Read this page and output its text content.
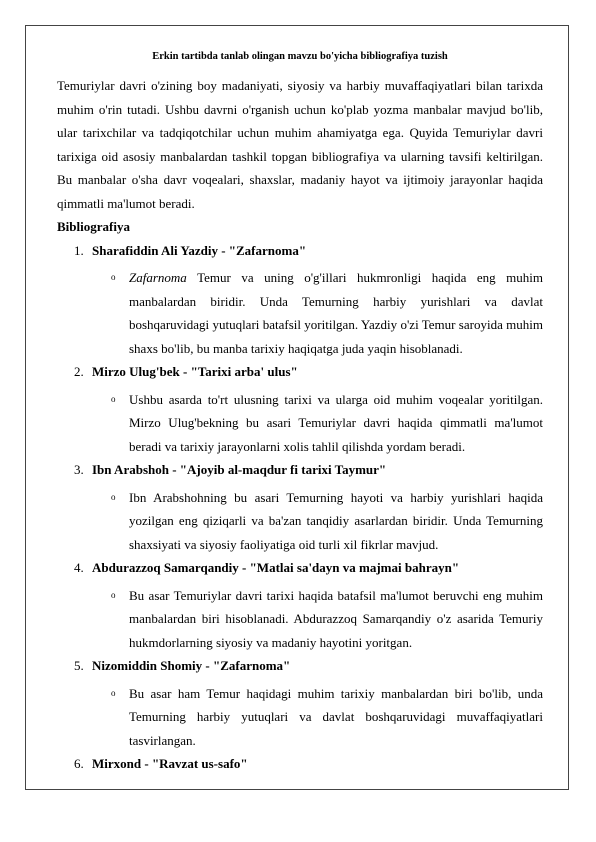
Erkin tartibda tanlab olingan mavzu bo'yicha bibliografiya tuzish

Temuriylar davri o'zining boy madaniyati, siyosiy va harbiy muvaffaqiyatlari bilan tarixda muhim o'rin tutadi. Ushbu davrni o'rganish uchun ko'plab yozma manbalar mavjud bo'lib, ular tarixchilar va tadqiqotchilar uchun muhim ahamiyatga ega. Quyida Temuriylar davri tarixiga oid asosiy manbalardan tashkil topgan bibliografiya va ularning tavsifi keltirilgan. Bu manbalar o'sha davr voqealari, shaxslar, madaniy hayot va ijtimoiy jarayonlar haqida qimmatli ma'lumot beradi.

Bibliografiya
1. Sharafiddin Ali Yazdiy - "Zafarnoma"
o Zafarnoma Temur va uning o'g'illari hukmronligi haqida eng muhim manbalardan biridir. Unda Temurning harbiy yurishlari va davlat boshqaruvidagi yutuqlari batafsil yoritilgan. Yazdiy o'zi Temur saroyida muhim shaxs bo'lib, bu manba tarixiy haqiqatga juda yaqin hisoblanadi.
2. Mirzo Ulug'bek - "Tarixi arba' ulus"
o Ushbu asarda to'rt ulusning tarixi va ularga oid muhim voqealar yoritilgan. Mirzo Ulug'bekning bu asari Temuriylar davri haqida qimmatli ma'lumot beradi va tarixiy jarayonlarni xolis tahlil qilishda yordam beradi.
3. Ibn Arabshoh - "Ajoyib al-maqdur fi tarixi Taymur"
o Ibn Arabshohning bu asari Temurning hayoti va harbiy yurishlari haqida yozilgan eng qiziqarli va ba'zan tanqidiy asarlardan biridir. Unda Temurning shaxsiyati va siyosiy faoliyatiga oid turli xil fikrlar mavjud.
4. Abdurazzoq Samarqandiy - "Matlai sa'dayn va majmai bahrayn"
o Bu asar Temuriylar davri tarixi haqida batafsil ma'lumot beruvchi eng muhim manbalardan biri hisoblanadi. Abdurazzoq Samarqandiy o'z asarida Temuriy hukmdorlarning siyosiy va madaniy hayotini yoritgan.
5. Nizomiddin Shomiy - "Zafarnoma"
o Bu asar ham Temur haqidagi muhim tarixiy manbalardan biri bo'lib, unda Temurning harbiy yutuqlari va davlat boshqaruvidagi muvaffaqiyatlari tasvirlangan.
6. Mirxond - "Ravzat us-safo"
